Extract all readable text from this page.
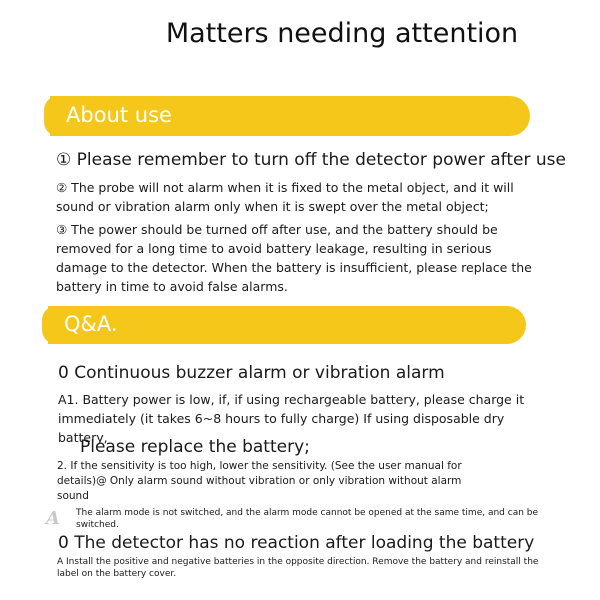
Matters needing attention
About use
① Please remember to turn off the detector power after use
② The probe will not alarm when it is fixed to the metal object, and it will sound or vibration alarm only when it is swept over the metal object;
③ The power should be turned off after use, and the battery should be removed for a long time to avoid battery leakage, resulting in serious damage to the detector. When the battery is insufficient, please replace the battery in time to avoid false alarms.
Q&A.
0 Continuous buzzer alarm or vibration alarm
A1. Battery power is low, if, if using rechargeable battery, please charge it immediately (it takes 6~8 hours to fully charge) If using disposable dry battery,
Please replace the battery;
2. If the sensitivity is too high, lower the sensitivity. (See the user manual for details)@ Only alarm sound without vibration or only vibration without alarm sound
A	The alarm mode is not switched, and the alarm mode cannot be opened at the same time, and can be switched.
0 The detector has no reaction after loading the battery
A Install the positive and negative batteries in the opposite direction. Remove the battery and reinstall the label on the battery cover.
